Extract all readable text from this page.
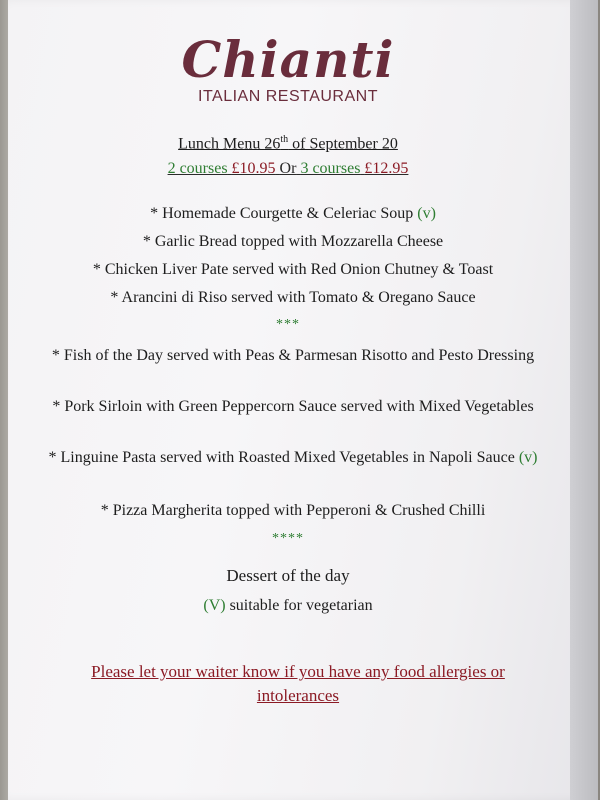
Chianti
ITALIAN RESTAURANT
Lunch Menu 26th of September 20
2 courses £10.95 Or 3 courses £12.95
* Homemade Courgette & Celeriac Soup (v)
* Garlic Bread topped with Mozzarella Cheese
* Chicken Liver Pate served with Red Onion Chutney & Toast
* Arancini di Riso served with Tomato & Oregano Sauce
***
* Fish of the Day served with Peas & Parmesan Risotto and Pesto Dressing
* Pork Sirloin with Green Peppercorn Sauce served with Mixed Vegetables
* Linguine Pasta served with Roasted Mixed Vegetables in Napoli Sauce (v)
* Pizza Margherita topped with Pepperoni & Crushed Chilli
****
Dessert of the day
(V) suitable for vegetarian
Please let your waiter know if you have any food allergies or intolerances
